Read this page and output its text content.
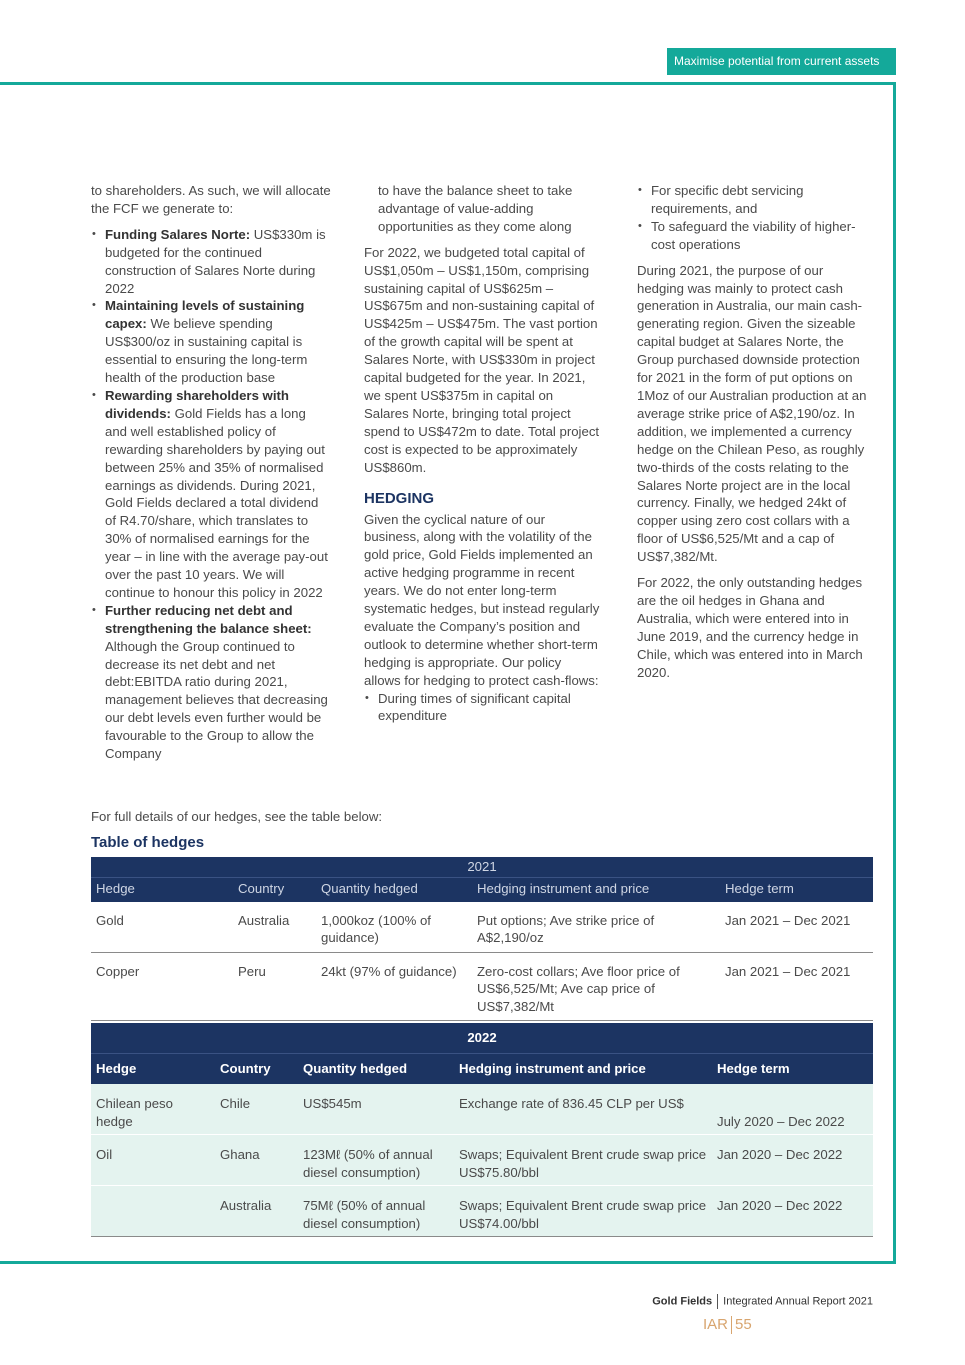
Maximise potential from current assets

to shareholders. As such, we will allocate the FCF we generate to:

• Funding Salares Norte: US$330m is budgeted for the continued construction of Salares Norte during 2022
• Maintaining levels of sustaining capex: We believe spending US$300/oz in sustaining capital is essential to ensuring the long-term health of the production base
• Rewarding shareholders with dividends: Gold Fields has a long and well established policy of rewarding shareholders by paying out between 25% and 35% of normalised earnings as dividends. During 2021, Gold Fields declared a total dividend of R4.70/share, which translates to 30% of normalised earnings for the year – in line with the average pay-out over the past 10 years. We will continue to honour this policy in 2022
• Further reducing net debt and strengthening the balance sheet: Although the Group continued to decrease its net debt and net debt:EBITDA ratio during 2021, management believes that decreasing our debt levels even further would be favourable to the Group to allow the Company

to have the balance sheet to take advantage of value-adding opportunities as they come along

For 2022, we budgeted total capital of US$1,050m – US$1,150m, comprising sustaining capital of US$625m – US$675m and non-sustaining capital of US$425m – US$475m. The vast portion of the growth capital will be spent at Salares Norte, with US$330m in project capital budgeted for the year. In 2021, we spent US$375m in capital on Salares Norte, bringing total project spend to US$472m to date. Total project cost is expected to be approximately US$860m.

HEDGING

Given the cyclical nature of our business, along with the volatility of the gold price, Gold Fields implemented an active hedging programme in recent years. We do not enter long-term systematic hedges, but instead regularly evaluate the Company’s position and outlook to determine whether short-term hedging is appropriate. Our policy allows for hedging to protect cash-flows:

• During times of significant capital expenditure
• For specific debt servicing requirements, and
• To safeguard the viability of higher-cost operations

During 2021, the purpose of our hedging was mainly to protect cash generation in Australia, our main cash-generating region. Given the sizeable capital budget at Salares Norte, the Group purchased downside protection for 2021 in the form of put options on 1Moz of our Australian production at an average strike price of A$2,190/oz. In addition, we implemented a currency hedge on the Chilean Peso, as roughly two-thirds of the costs relating to the Salares Norte project are in the local currency. Finally, we hedged 24kt of copper using zero cost collars with a floor of US$6,525/Mt and a cap of US$7,382/Mt.

For 2022, the only outstanding hedges are the oil hedges in Ghana and Australia, which were entered into in June 2019, and the currency hedge in Chile, which was entered into in March 2020.

For full details of our hedges, see the table below:
Table of hedges
2021				
Hedge	Country	Quantity hedged	Hedging instrument and price	Hedge term
Gold	Australia	1,000koz (100% of guidance)	Put options; Ave strike price of A$2,190/oz	Jan 2021 – Dec 2021
Copper	Peru	24kt (97% of guidance)	Zero-cost collars; Ave floor price of US$6,525/Mt; Ave cap price of US$7,382/Mt	Jan 2021 – Dec 2021
2022				
Hedge	Country	Quantity hedged	Hedging instrument and price	Hedge term
Chilean peso hedge	Chile	US$545m	Exchange rate of 836.45 CLP per US$	July 2020 – Dec 2022
Oil	Ghana	123Mℓ (50% of annual diesel consumption)	Swaps; Equivalent Brent crude swap price US$75.80/bbl	Jan 2020 – Dec 2022
	Australia	75Mℓ (50% of annual diesel consumption)	Swaps; Equivalent Brent crude swap price US$74.00/bbl	Jan 2020 – Dec 2022
Gold Fields Integrated Annual Report 2021
IAR 55
